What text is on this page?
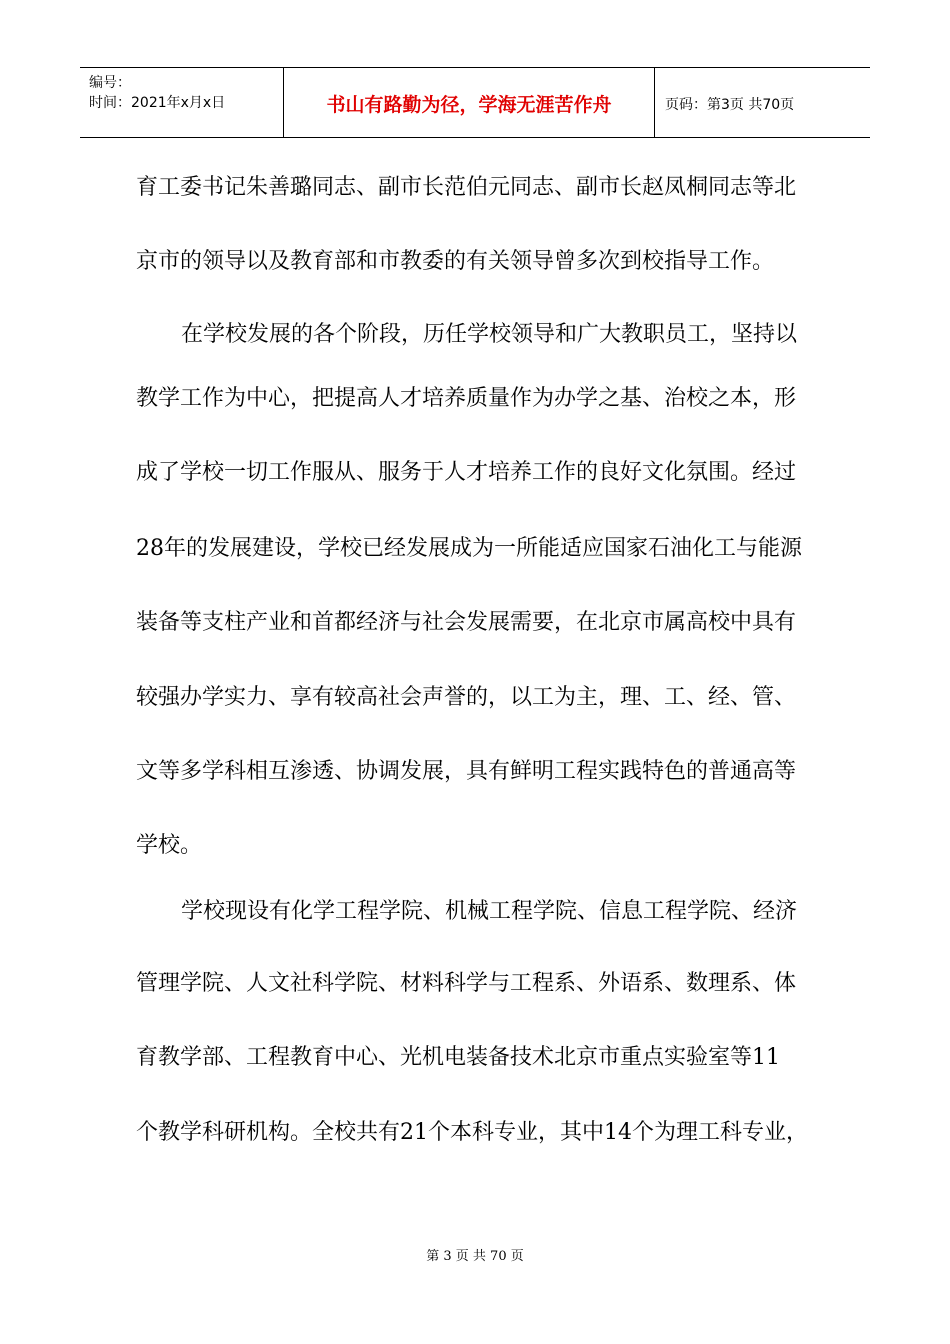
编号：
时间：2021年x月x日	书山有路勤为径，学海无涯苦作舟	页码：第3页 共70页
育工委书记朱善璐同志、副市长范伯元同志、副市长赵凤桐同志等北
京市的领导以及教育部和市教委的有关领导曾多次到校指导工作。
在学校发展的各个阶段，历任学校领导和广大教职员工，坚持以
教学工作为中心，把提高人才培养质量作为办学之基、治校之本，形
成了学校一切工作服从、服务于人才培养工作的良好文化氛围。经过
28年的发展建设，学校已经发展成为一所能适应国家石油化工与能源
装备等支柱产业和首都经济与社会发展需要，在北京市属高校中具有
较强办学实力、享有较高社会声誉的，以工为主，理、工、经、管、
文等多学科相互渗透、协调发展，具有鲜明工程实践特色的普通高等
学校。
学校现设有化学工程学院、机械工程学院、信息工程学院、经济
管理学院、人文社科学院、材料科学与工程系、外语系、数理系、体
育教学部、工程教育中心、光机电装备技术北京市重点实验室等11
个教学科研机构。全校共有21个本科专业，其中14个为理工科专业，
第 3 页 共 70 页
